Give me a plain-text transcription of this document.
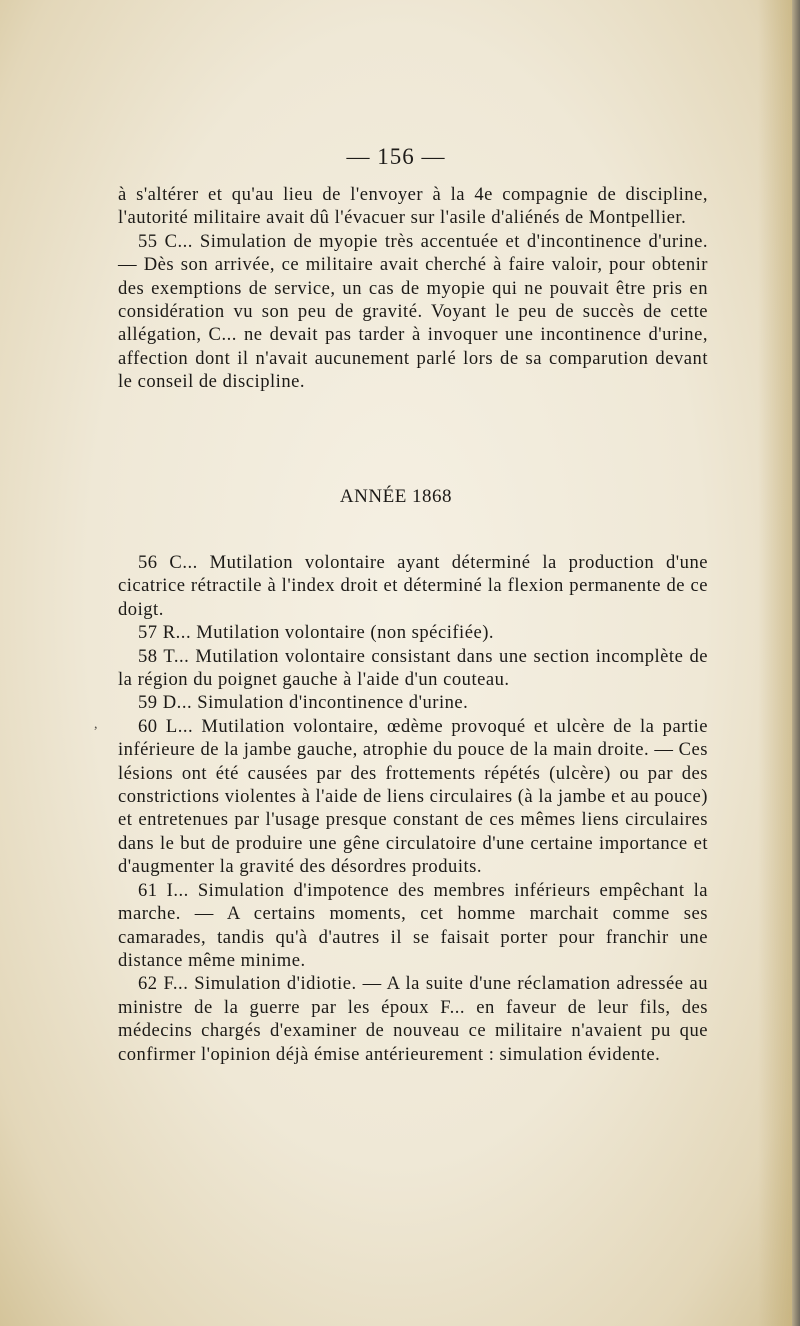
— 156 —

à s'altérer et qu'au lieu de l'envoyer à la 4e compagnie de discipline, l'autorité militaire avait dû l'évacuer sur l'asile d'aliénés de Montpellier.

55 C... Simulation de myopie très accentuée et d'incontinence d'urine. — Dès son arrivée, ce militaire avait cherché à faire valoir, pour obtenir des exemptions de service, un cas de myopie qui ne pouvait être pris en considération vu son peu de gravité. Voyant le peu de succès de cette allégation, C... ne devait pas tarder à invoquer une incontinence d'urine, affection dont il n'avait aucunement parlé lors de sa comparution devant le conseil de discipline.

ANNÉE 1868
,

56 C... Mutilation volontaire ayant déterminé la production d'une cicatrice rétractile à l'index droit et déterminé la flexion permanente de ce doigt.

57 R... Mutilation volontaire (non spécifiée).

58 T... Mutilation volontaire consistant dans une section incomplète de la région du poignet gauche à l'aide d'un couteau.

59 D... Simulation d'incontinence d'urine.

60 L... Mutilation volontaire, œdème provoqué et ulcère de la partie inférieure de la jambe gauche, atrophie du pouce de la main droite. — Ces lésions ont été causées par des frottements répétés (ulcère) ou par des constrictions violentes à l'aide de liens circulaires (à la jambe et au pouce) et entretenues par l'usage presque constant de ces mêmes liens circulaires dans le but de produire une gêne circulatoire d'une certaine importance et d'augmenter la gravité des désordres produits.

61 I... Simulation d'impotence des membres inférieurs empêchant la marche. — A certains moments, cet homme marchait comme ses camarades, tandis qu'à d'autres il se faisait porter pour franchir une distance même minime.

62 F... Simulation d'idiotie. — A la suite d'une réclamation adressée au ministre de la guerre par les époux F... en faveur de leur fils, des médecins chargés d'examiner de nouveau ce militaire n'avaient pu que confirmer l'opinion déjà émise antérieurement : simulation évidente.
